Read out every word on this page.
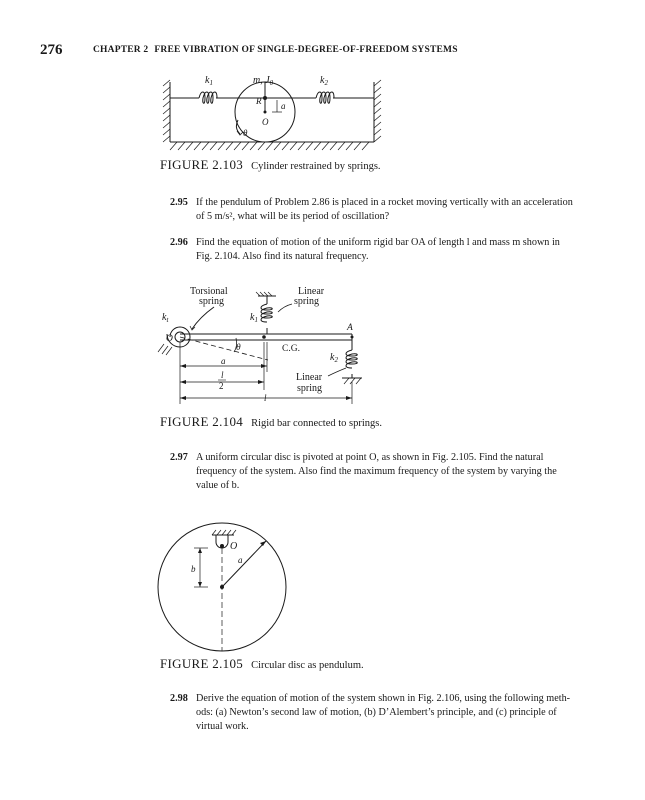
276	CHAPTER 2 FREE VIBRATION OF SINGLE-DEGREE-OF-FREEDOM SYSTEMS
$k_1$	m, $J_0$	$k_2$
R a
O
θ
FIGURE 2.103 Cylinder restrained by springs.
2.95 If the pendulum of Problem 2.86 is placed in a rocket moving vertically with an acceleration
of 5 m/s², what will be its period of oscillation?
2.96 Find the equation of motion of the uniform rigid bar OA of length l and mass m shown in
Fig. 2.104. Also find its natural frequency.
Torsional
spring
Linear
spring
$k_t$
O
$k_1$
A
θ	C.G.
$k_2$
a
l
2
l
Linear
spring
FIGURE 2.104 Rigid bar connected to springs.
2.97 A uniform circular disc is pivoted at point O, as shown in Fig. 2.105. Find the natural
frequency of the system. Also find the maximum frequency of the system by varying the
value of b.
O
a
b
FIGURE 2.105 Circular disc as pendulum.
2.98 Derive the equation of motion of the system shown in Fig. 2.106, using the following meth-
ods: (a) Newton’s second law of motion, (b) D’Alembert’s principle, and (c) principle of
virtual work.
